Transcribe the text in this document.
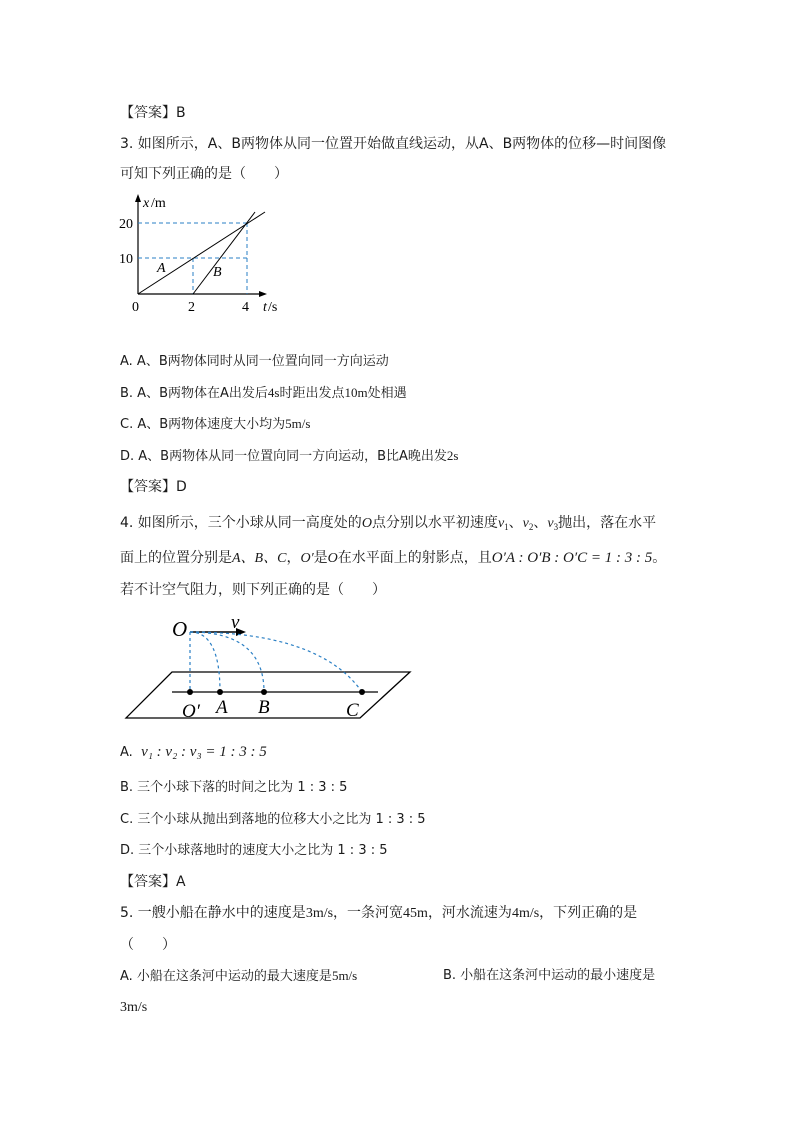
【答案】B
3. 如图所示，A、B两物体从同一位置开始做直线运动，从A、B两物体的位移—时间图像
可知下列正确的是（　　）
x /m
20
10
0	2	4 t /s
A	B
A. A、B两物体同时从同一位置向同一方向运动
B. A、B两物体在A出发后4s时距出发点10m处相遇
C. A、B两物体速度大小均为5m/s
D. A、B两物体从同一位置向同一方向运动，B比A晚出发2s
【答案】D
4. 如图所示，三个小球从同一高度处的O点分别以水平初速度$v_1$、$v_2$、$v_3$抛出，落在水平
面上的位置分别是A、B、C，O′是O在水平面上的射影点，且O′A : O′B : O′C = 1 : 3 : 5。
若不计空气阻力，则下列正确的是（　　）
O v
O′ A B	C
A. v₁ : v₂ : v₃ = 1 : 3 : 5
B. 三个小球下落的时间之比为 1 : 3 : 5
C. 三个小球从抛出到落地的位移大小之比为 1 : 3 : 5
D. 三个小球落地时的速度大小之比为 1 : 3 : 5
【答案】A
5. 一艘小船在静水中的速度是3m/s，一条河宽45m，河水流速为4m/s，下列正确的是
（　　）
A. 小船在这条河中运动的最大速度是5m/s	B. 小船在这条河中运动的最小速度是
3m/s
